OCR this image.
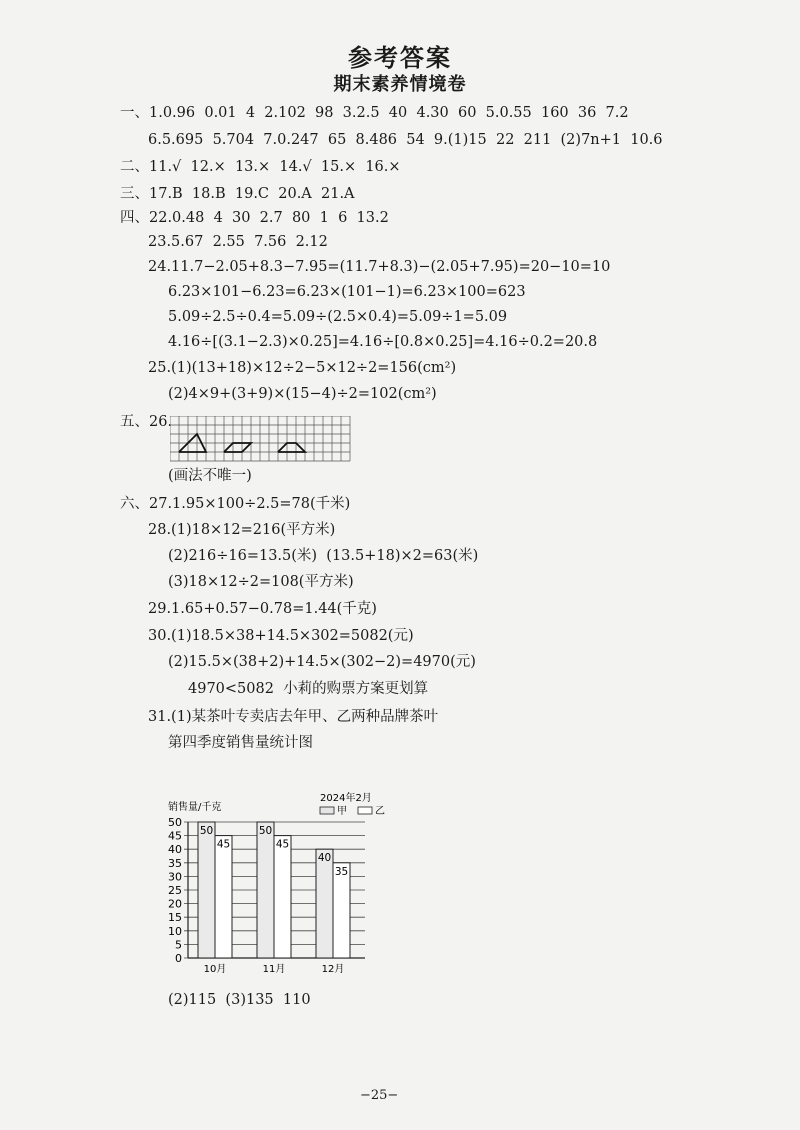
参考答案
期末素养情境卷
一、1.0.96  0.01  4  2.102  98  3.2.5  40  4.30  60  5.0.55  160  36  7.2
6.5.695  5.704  7.0.247  65  8.486  54  9.(1)15  22  211  (2)7n+1  10.6
二、11.√  12.×  13.×  14.√  15.×  16.×
三、17.B  18.B  19.C  20.A  21.A
四、22.0.48  4  30  2.7  80  1  6  13.2
23.5.67  2.55  7.56  2.12
24.11.7−2.05+8.3−7.95=(11.7+8.3)−(2.05+7.95)=20−10=10
6.23×101−6.23=6.23×(101−1)=6.23×100=623
5.09÷2.5÷0.4=5.09÷(2.5×0.4)=5.09÷1=5.09
4.16÷[(3.1−2.3)×0.25]=4.16÷[0.8×0.25]=4.16÷0.2=20.8
25.(1)(13+18)×12÷2−5×12÷2=156(cm²)
(2)4×9+(3+9)×(15−4)÷2=102(cm²)
五、26.
(画法不唯一)
六、27.1.95×100÷2.5=78(千米)
28.(1)18×12=216(平方米)
(2)216÷16=13.5(米)  (13.5+18)×2=63(米)
(3)18×12÷2=108(平方米)
29.1.65+0.57−0.78=1.44(千克)
30.(1)18.5×38+14.5×302=5082(元)
(2)15.5×(38+2)+14.5×(302−2)=4970(元)
4970<5082  小莉的购票方案更划算
31.(1)某茶叶专卖店去年甲、乙两种品牌茶叶
第四季度销售量统计图
销售量/千克
2024年2月
甲	乙
0
5
10
15
20
25
30
35
40
45
50
50
45
50
45
40
35
10月	11月	12月
(2)115  (3)135  110
−25−
